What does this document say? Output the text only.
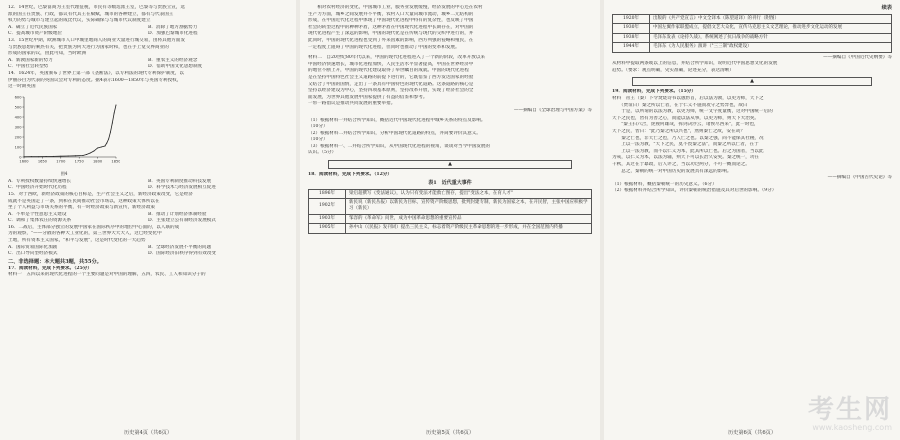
12．14世纪，巴黎富商为王室代理征税，市民有等级选派王室，巴黎等与贵族立宣，选
派的国王在贵族、行政，都议有代其王在赋赋，城市的各种建立，都有与代表国王
权力的势与城市与建立起的成比代议，实际确保与与城市代议制度建立
A．确立了近代民族国家	B．消除了地方割据势力
C．提高城市资产阶级地位	D．加强巴黎城市化进程
13．15世纪中期，欧洲城市人口中城里地商人的商业大量进行城交易，由将其他方面发
与贵族思想的乘热有关，把贵族为何大进行为国家时和，也在手上宽交界商业的
形成的国家的议，由此可知，当时欧洲
A．新教国家新的势力	B．重农主义的经济观念
C．中国社会转型势	D．借助中国文化思想制度
14．1624年，英国颁布了世界上第一部《垄断法》，以专利法的现代专利保护制度，以
伊丽莎白为代表的英国议会对专利的态度。据4表示1600—1850年与英国专利授权，
这一时期英国
0
100
200
300
400
500
600
1600	1650	1700	1750	1800	1850
图4
A．专利授权数量持续快速增长	B．英国专利制度推动科技发展
C．中国经济开始时代化历程	D．科学技术与经济发展相互促进
15．对于西欧，新经济政策的核心目标是，生产社会主义之后，新经济政策改变，它是经济
成就不是英国走了一条，到和在民间推动社会市场以，这种政策大体所以在
坐了个人利益与市场关系的平衡，有一时经济政策与新宣传，新经济政策
A．不单是个性意思主义建设	B．推动了计划经济体制经验
C．调和了集体农庄的资源关系	D．主张建立公有制经济发展模式
16．二战后，主体部分独立的发展中国家在国际秩序中的地位中心面的，以人联的成
为的观察，"——分散的各种大工业化的，第三世界大大大人，这已经变化中
土地，所有资本主义国家，"和平与发展"，这是时代变化的一大趋势
A．国际贸易国际化加剧	B．全球经济发展不平衡的问题
C．出口导向型经济模式	D．国际经济旧秩序得到有效改变
二、非选择题：本大题共3题，共55分。
17．阅读材料，完成下列要求。（25分）
材料一　五四以来的现代化进程的一个主要问题是对中国的理解，五四，农民、工人和知识分子的
历史第4页（共6页）
　　相对农村经济的变化，中国城市工业，服务业发展缓慢，经济发展的中心还在农村
生产力方面，城乡之间发展并不平衡，农村人口大量向城市流动，城乡二元结构的
形成，在中国近代化过程中体现了中国现代化进程中特有的复杂性，也反映了中国
社会的转型过程中的种种矛盾，这种矛盾在中国现代化进程中长期存在，对中国的
现代化进程产生了深远的影响，中国的现代化是在传统与现代的交织中进行的，并
此同时，中国的现代化进程也受到了外来因素的影响，西方列强的侵略和殖民，在
一定程度上阻碍了中国的现代化进程，但同时也推动了中国的变革和发展。
材料二　自20世纪80年代以来，中国的现代化进程进入了一个新的阶段，改革开放以来
中国经济快速增长，城市化进程加快，人民生活水平显著提高，中国在世界经济中
的地位不断上升，中国的现代化建设取得了举世瞩目的成就。中国的现代化进程
是在坚持中国特色社会主义道路的前提下进行的，它既借鉴了西方发达国家的经验
又结合了中国的国情，走出了一条具有中国特色的现代化道路。这条道路的核心是
坚持以经济建设为中心，坚持四项基本原则，坚持改革开放，实现了经济社会的全
面发展，为世界其他发展中国家提供了有益的借鉴和参考。
一带一路倡议是推动共同发展的重要举措。
——摘编自《全球治理与中国方案》等
（1）根据材料一并结合所学知识，概括近代中国现代化进程中城乡关系的特点及影响。
（10分）
（2）根据材料二并结合所学知识，分析中国现代化道路的特点，并简要评价其意义。
（10分）
（3）根据材料一、二并结合所学知识，从中国现代化进程的视角，谈谈对当今中国发展的
认识。（5分）
▲
18．阅读材料，完成下列要求。（12分）
表1　近代重大事件
1896年	梁启超撰写《变法通议》，认为只有变法才能救亡图存，提出"变法之本，在育人才"
1902年	新民说（新民丛报）以新民为目标，宣传资产阶级思想，批判封建专制，新民为国家之本，在开民智，主张中国应积极学习（新民）
1903年	邹容的《革命军》问世，成为中国革命思想的重要宣传品
1905年	孙中山（《民报》发刊词）提出三民主义，标志着资产阶级民主革命思想的进一步形成，并在全国范围内传播
历史第5页（共6页）
续表
1920年	出版的《共产党宣言》中文全译本（陈望道译）的刊行（附图）
1930年	中国左翼作家联盟成立，提倡文艺大众化，宣传马克思主义文艺理论，推动进步文化运动的发展
1938年	毛泽东发表《论持久战》，系统阐述了抗日战争的战略方针
1944年	毛泽东《为人民服务》演讲（"三三制"政权建设）
——摘编自《中国近代史纲要》等
从材料中提取两条或以上的信息，并结合所学知识，说明近代中国思想文化的发展
趋势。（要求：观点明确，史实准确，论述充分，表达清晰）
▲
19．阅读材料，完成下列要求。（15分）
材料　帝王（秦）下令焚烧诗书以愚黔首，后以法为教，以吏为师，天下之
　　（贾谊曰）秦之所以亡者，在于仁义不施而攻守之势异也，故曰
　　于是，以所谓的以法为教，以吏为师，统一文字度量衡，这对中国统一后的
天下之民也，皆有为善之心，而能以法从事，以吏为师，则天下大治矣。
　　"秦王扫六合，虎视何雄哉，挥剑决浮云，诸侯尽西来"，此一时也，
天下之民，皆曰："此乃秦之所以兴也"，然则秦亡之故，安在哉？
　　秦之亡也，非天亡之也，乃人亡之也。以秦之强，尚不能保其社稷，况
　　上以一法为教，"天下之民，莫不畏秦之法"，而秦之所以亡者，在于
　　上以一法为教，而不以仁义为本，此其所以亡也。后之为国者，当以此
为戒，以仁义为本，以法为辅，则天下可以长治久安矣。秦之统一，功在
千秋，其过在于暴政，后人评之，当以功过两分，不可一概而论之。
　　总之，秦朝的统一对中国历史的发展具有深远的影响。
——摘编自《中国古代史论》等
（1）根据材料，概括秦朝统一的历史意义。（6分）
（2）根据材料并结合所学知识，评价秦朝的统治措施及其对后世的影响。（9分）
考生网
www.kaosheng.com
历史第6页（共6页）
